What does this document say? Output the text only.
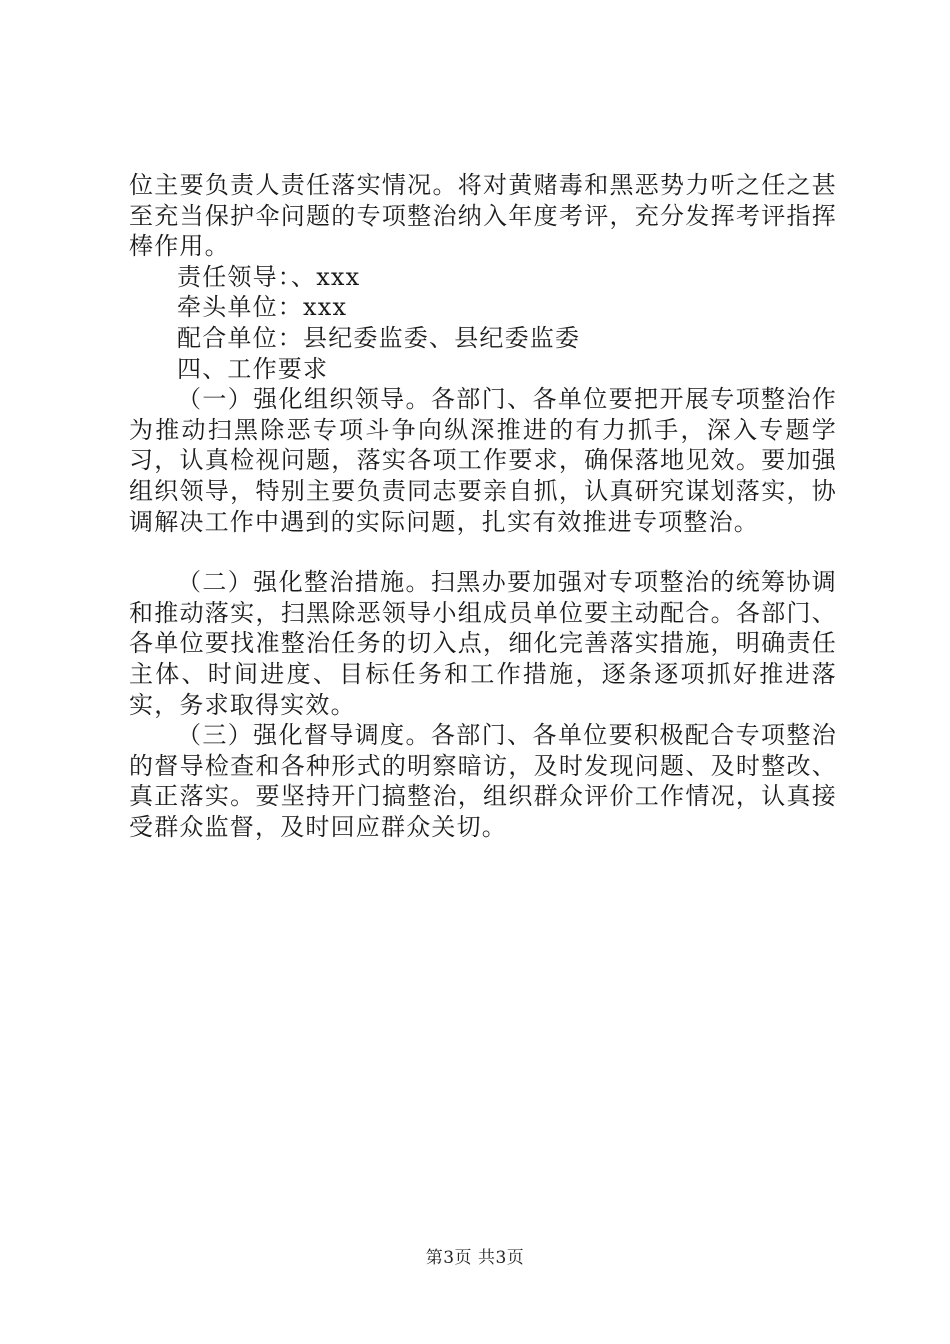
位主要负责人责任落实情况。将对黄赌毒和黑恶势力听之任之甚至充当保护伞问题的专项整治纳入年度考评，充分发挥考评指挥棒作用。

责任领导：、xxx

牵头单位：xxx

配合单位：县纪委监委、县纪委监委

四、工作要求

（一）强化组织领导。各部门、各单位要把开展专项整治作为推动扫黑除恶专项斗争向纵深推进的有力抓手，深入专题学习，认真检视问题，落实各项工作要求，确保落地见效。要加强组织领导，特别主要负责同志要亲自抓，认真研究谋划落实，协调解决工作中遇到的实际问题，扎实有效推进专项整治。

（二）强化整治措施。扫黑办要加强对专项整治的统筹协调和推动落实，扫黑除恶领导小组成员单位要主动配合。各部门、各单位要找准整治任务的切入点，细化完善落实措施，明确责任主体、时间进度、目标任务和工作措施，逐条逐项抓好推进落实，务求取得实效。

（三）强化督导调度。各部门、各单位要积极配合专项整治的督导检查和各种形式的明察暗访，及时发现问题、及时整改、真正落实。要坚持开门搞整治，组织群众评价工作情况，认真接受群众监督，及时回应群众关切。

第3页 共3页
